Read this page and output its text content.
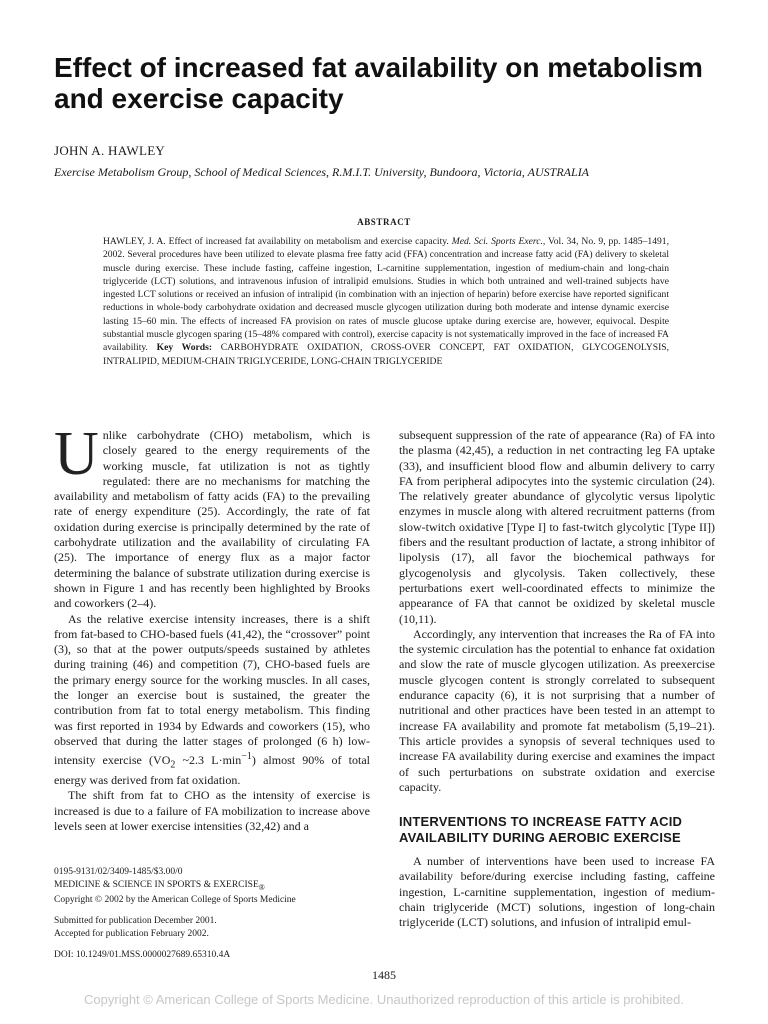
Effect of increased fat availability on metabolism and exercise capacity
JOHN A. HAWLEY
Exercise Metabolism Group, School of Medical Sciences, R.M.I.T. University, Bundoora, Victoria, AUSTRALIA
ABSTRACT
HAWLEY, J. A. Effect of increased fat availability on metabolism and exercise capacity. Med. Sci. Sports Exerc., Vol. 34, No. 9, pp. 1485–1491, 2002. Several procedures have been utilized to elevate plasma free fatty acid (FFA) concentration and increase fatty acid (FA) delivery to skeletal muscle during exercise. These include fasting, caffeine ingestion, L-carnitine supplementation, ingestion of medium-chain and long-chain triglyceride (LCT) solutions, and intravenous infusion of intralipid emulsions. Studies in which both untrained and well-trained subjects have ingested LCT solutions or received an infusion of intralipid (in combination with an injection of heparin) before exercise have reported significant reductions in whole-body carbohydrate oxidation and decreased muscle glycogen utilization during both moderate and intense dynamic exercise lasting 15–60 min. The effects of increased FA provision on rates of muscle glucose uptake during exercise are, however, equivocal. Despite substantial muscle glycogen sparing (15–48% compared with control), exercise capacity is not systematically improved in the face of increased FA availability. Key Words: CARBOHYDRATE OXIDATION, CROSS-OVER CONCEPT, FAT OXIDATION, GLYCOGENOLYSIS, INTRALIPID, MEDIUM-CHAIN TRIGLYCERIDE, LONG-CHAIN TRIGLYCERIDE

Unlike carbohydrate (CHO) metabolism, which is closely geared to the energy requirements of the working muscle, fat utilization is not as tightly regulated: there are no mechanisms for matching the availability and metabolism of fatty acids (FA) to the prevailing rate of energy expenditure (25). Accordingly, the rate of fat oxidation during exercise is principally determined by the rate of carbohydrate utilization and the availability of circulating FA (25). The importance of energy flux as a major factor determining the balance of substrate utilization during exercise is shown in Figure 1 and has recently been highlighted by Brooks and coworkers (2–4).

As the relative exercise intensity increases, there is a shift from fat-based to CHO-based fuels (41,42), the “crossover” point (3), so that at the power outputs/speeds sustained by athletes during training (46) and competition (7), CHO-based fuels are the primary energy source for the working muscles. In all cases, the longer an exercise bout is sustained, the greater the contribution from fat to total energy metabolism. This finding was first reported in 1934 by Edwards and coworkers (15), who observed that during the latter stages of prolonged (6 h) low-intensity exercise ($VO_2$ ~2.3 $L\cdot\min^{-1}$) almost 90% of total energy was derived from fat oxidation.

The shift from fat to CHO as the intensity of exercise is increased is due to a failure of FA mobilization to increase above levels seen at lower exercise intensities (32,42) and a

subsequent suppression of the rate of appearance (Ra) of FA into the plasma (42,45), a reduction in net contracting leg FA uptake (33), and insufficient blood flow and albumin delivery to carry FA from peripheral adipocytes into the systemic circulation (24). The relatively greater abundance of glycolytic versus lipolytic enzymes in muscle along with altered recruitment patterns (from slow-twitch oxidative [Type I] to fast-twitch glycolytic [Type II]) fibers and the resultant production of lactate, a strong inhibitor of lipolysis (17), all favor the biochemical pathways for glycogenolysis and glycolysis. Taken collectively, these perturbations exert well-coordinated effects to minimize the appearance of FA that cannot be oxidized by skeletal muscle (10,11).

Accordingly, any intervention that increases the Ra of FA into the systemic circulation has the potential to enhance fat oxidation and slow the rate of muscle glycogen utilization. As preexercise muscle glycogen content is strongly correlated to subsequent endurance capacity (6), it is not surprising that a number of nutritional and other practices have been tested in an attempt to increase FA availability and promote fat metabolism (5,19–21). This article provides a synopsis of several techniques used to increase FA availability during exercise and examines the impact of such perturbations on substrate oxidation and exercise capacity.

INTERVENTIONS TO INCREASE FATTY ACID AVAILABILITY DURING AEROBIC EXERCISE

A number of interventions have been used to increase FA availability before/during exercise including fasting, caffeine ingestion, L-carnitine supplementation, ingestion of medium-chain triglyceride (MCT) solutions, ingestion of long-chain triglyceride (LCT) solutions, and infusion of intralipid emul-

0195-9131/02/3409-1485/$3.00/0
MEDICINE & SCIENCE IN SPORTS & $EXERCISE_®$
Copyright © 2002 by the American College of Sports Medicine
Submitted for publication December 2001.
Accepted for publication February 2002.
DOI: 10.1249/01.MSS.0000027689.65310.4A
1485
Copyright © American College of Sports Medicine. Unauthorized reproduction of this article is prohibited.
